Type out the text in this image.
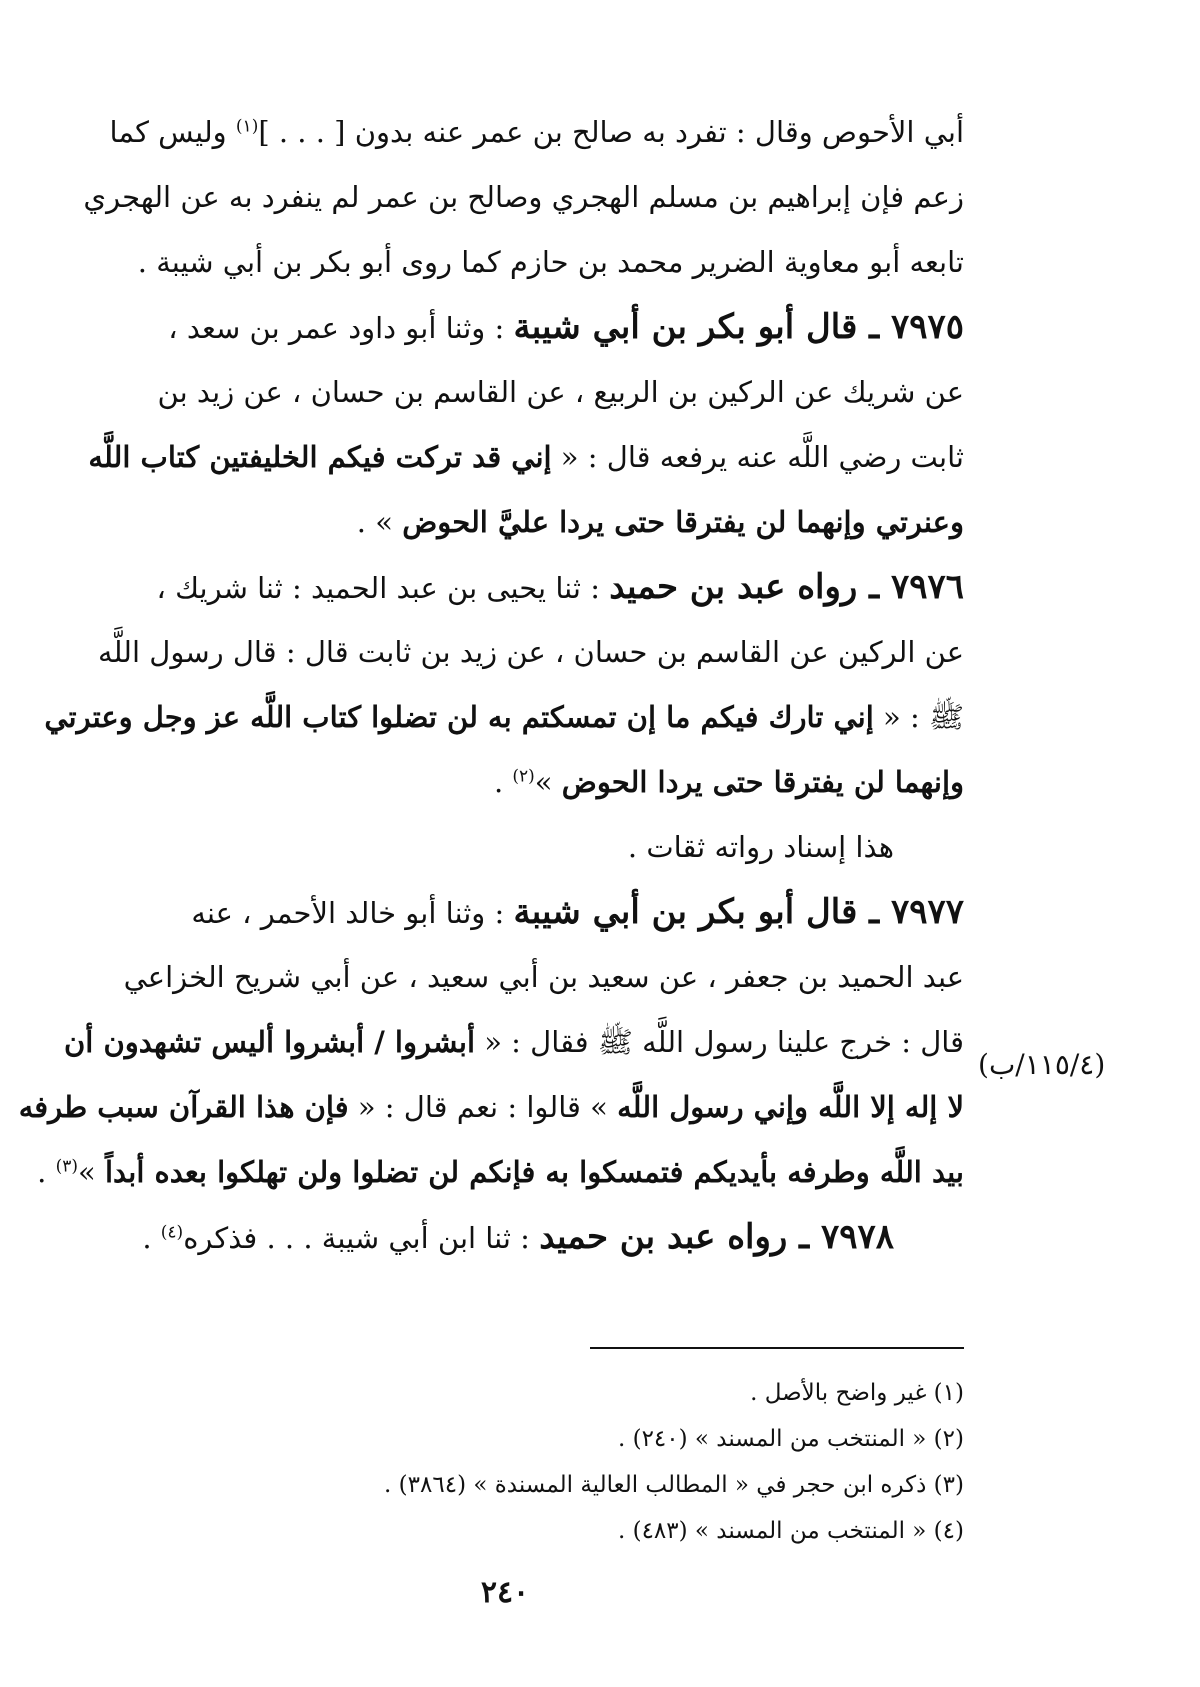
أبي الأحوص وقال : تفرد به صالح بن عمر عنه بدون [ . . . ]$^{(١)}$ وليس كما
زعم فإن إبراهيم بن مسلم الهجري وصالح بن عمر لم ينفرد به عن الهجري
تابعه أبو معاوية الضرير محمد بن حازم كما روى أبو بكر بن أبي شيبة .
٧٩٧٥ ـ قال أبو بكر بن أبي شيبة : وثنا أبو داود عمر بن سعد ،
عن شريك عن الركين بن الربيع ، عن القاسم بن حسان ، عن زيد بن
ثابت رضي اللَّه عنه يرفعه قال : « إني قد تركت فيكم الخليفتين كتاب اللَّه
وعنرتي وإنهما لن يفترقا حتى يردا عليَّ الحوض » .
٧٩٧٦ ـ رواه عبد بن حميد : ثنا يحيى بن عبد الحميد : ثنا شريك ،
عن الركين عن القاسم بن حسان ، عن زيد بن ثابت قال : قال رسول اللَّه
ﷺ : « إني تارك فيكم ما إن تمسكتم به لن تضلوا كتاب اللَّه عز وجل وعترتي
وإنهما لن يفترقا حتى يردا الحوض »$^{(٢)}$ .
هذا إسناد رواته ثقات .
٧٩٧٧ ـ قال أبو بكر بن أبي شيبة : وثنا أبو خالد الأحمر ، عنه
عبد الحميد بن جعفر ، عن سعيد بن أبي سعيد ، عن أبي شريح الخزاعي
قال : خرج علينا رسول اللَّه ﷺ فقال : « أبشروا / أبشروا أليس تشهدون أن
لا إله إلا اللَّه وإني رسول اللَّه » قالوا : نعم قال : « فإن هذا القرآن سبب طرفه
بيد اللَّه وطرفه بأيديكم فتمسكوا به فإنكم لن تضلوا ولن تهلكوا بعده أبداً »$^{(٣)}$ .
٧٩٧٨ ـ رواه عبد بن حميد : ثنا ابن أبي شيبة . . . فذكره$^{(٤)}$ .
(١١٥/٤/ب)
(١) غير واضح بالأصل .
(٢) « المنتخب من المسند » (٢٤٠) .
(٣) ذكره ابن حجر في « المطالب العالية المسندة » (٣٨٦٤) .
(٤) « المنتخب من المسند » (٤٨٣) .
٢٤٠
